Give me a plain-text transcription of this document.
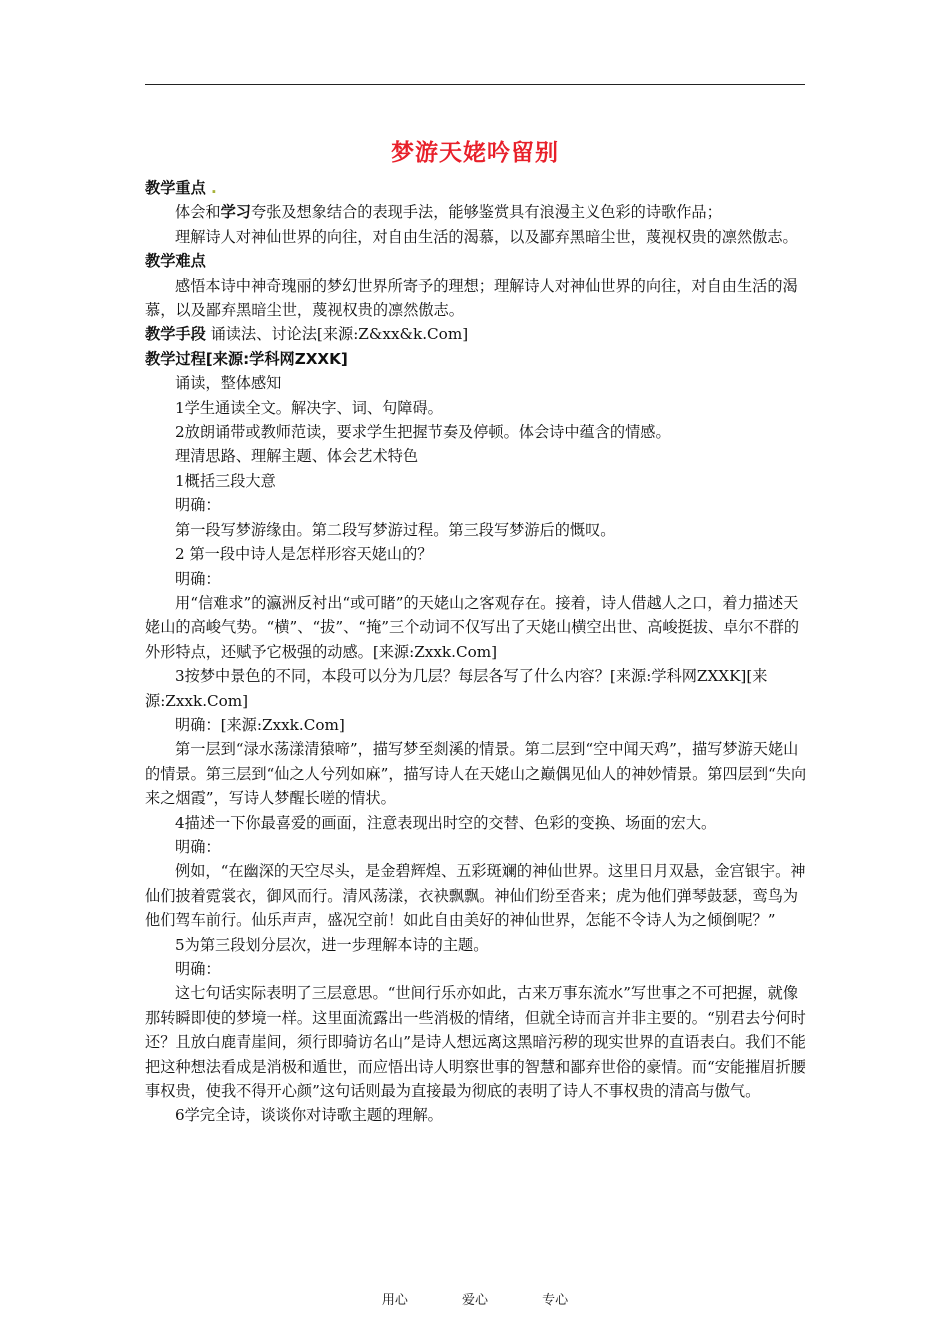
梦游天姥吟留别

教学重点 .

体会和学习夸张及想象结合的表现手法，能够鉴赏具有浪漫主义色彩的诗歌作品；

理解诗人对神仙世界的向往，对自由生活的渴慕，以及鄙弃黑暗尘世，蔑视权贵的凛然傲志。

教学难点

感悟本诗中神奇瑰丽的梦幻世界所寄予的理想；理解诗人对神仙世界的向往，对自由生活的渴慕，以及鄙弃黑暗尘世，蔑视权贵的凛然傲志。

教学手段 诵读法、讨论法[来源:Z&xx&k.Com]

教学过程[来源:学科网ZXXK]

诵读，整体感知

1学生通读全文。解决字、词、句障碍。

2放朗诵带或教师范读，要求学生把握节奏及停顿。体会诗中蕴含的情感。

理清思路、理解主题、体会艺术特色

1概括三段大意

明确：

第一段写梦游缘由。第二段写梦游过程。第三段写梦游后的慨叹。

2 第一段中诗人是怎样形容天姥山的？

明确：

用“信难求”的瀛洲反衬出“或可睹”的天姥山之客观存在。接着，诗人借越人之口，着力描述天姥山的高峻气势。“横”、“拔”、“掩”三个动词不仅写出了天姥山横空出世、高峻挺拔、卓尔不群的外形特点，还赋予它极强的动感。[来源:Zxxk.Com]

3按梦中景色的不同，本段可以分为几层？每层各写了什么内容？[来源:学科网ZXXK][来源:Zxxk.Com]

明确：[来源:Zxxk.Com]

第一层到“渌水荡漾清猿啼”，描写梦至剡溪的情景。第二层到“空中闻天鸡”，描写梦游天姥山的情景。第三层到“仙之人兮列如麻”，描写诗人在天姥山之巅偶见仙人的神妙情景。第四层到“失向来之烟霞”，写诗人梦醒长嗟的情状。

4描述一下你最喜爱的画面，注意表现出时空的交替、色彩的变换、场面的宏大。

明确：

例如，“在幽深的天空尽头，是金碧辉煌、五彩斑斓的神仙世界。这里日月双悬，金宫银宇。神仙们披着霓裳衣，御风而行。清风荡漾，衣袂飘飘。神仙们纷至沓来；虎为他们弹琴鼓瑟，鸾鸟为他们驾车前行。仙乐声声，盛况空前！如此自由美好的神仙世界，怎能不令诗人为之倾倒呢？”

5为第三段划分层次，进一步理解本诗的主题。

明确：

这七句话实际表明了三层意思。“世间行乐亦如此，古来万事东流水”写世事之不可把握，就像那转瞬即使的梦境一样。这里面流露出一些消极的情绪，但就全诗而言并非主要的。“别君去兮何时还？且放白鹿青崖间，须行即骑访名山”是诗人想远离这黑暗污秽的现实世界的直语表白。我们不能把这种想法看成是消极和遁世，而应悟出诗人明察世事的智慧和鄙弃世俗的豪情。而“安能摧眉折腰事权贵，使我不得开心颜”这句话则最为直接最为彻底的表明了诗人不事权贵的清高与傲气。

6学完全诗，谈谈你对诗歌主题的理解。

用心	爱心	专心
